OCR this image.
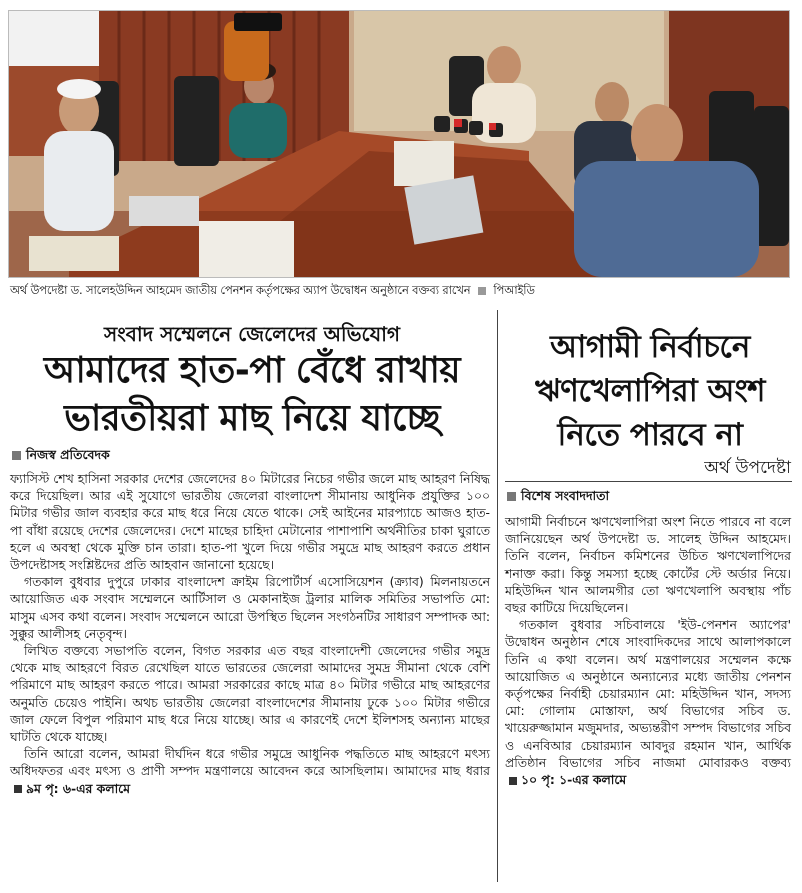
অর্থ উপদেষ্টা ড. সালেহউদ্দিন আহমেদ জাতীয় পেনশন কর্তৃপক্ষের অ্যাপ উদ্বোধন অনুষ্ঠানে বক্তব্য রাখেন পিআইডি
সংবাদ সম্মেলনে জেলেদের অভিযোগ
আমাদের হাত-পা বেঁধে রাখায়
ভারতীয়রা মাছ নিয়ে যাচ্ছে
নিজস্ব প্রতিবেদক

ফ্যাসিস্ট শেখ হাসিনা সরকার দেশের জেলেদের ৪০ মিটারের নিচের গভীর জলে মাছ আহরণ নিষিদ্ধ করে দিয়েছিল। আর এই সুযোগে ভারতীয় জেলেরা বাংলাদেশ সীমানায় আধুনিক প্রযুক্তির ১০০ মিটার গভীর জাল ব্যবহার করে মাছ ধরে নিয়ে যেতে থাকে। সেই আইনের মারপ্যাচে আজও হাত-পা বাঁধা রয়েছে দেশের জেলেদের। দেশে মাছের চাহিদা মেটানোর পাশাপাশি অর্থনীতির চাকা ঘুরাতে হলে এ অবস্থা থেকে মুক্তি চান তারা। হাত-পা খুলে দিয়ে গভীর সমুদ্রে মাছ আহরণ করতে প্রধান উপদেষ্টাসহ সংশ্লিষ্টদের প্রতি আহবান জানানো হয়েছে।

গতকাল বুধবার দুপুরে ঢাকার বাংলাদেশ ক্রাইম রিপোর্টার্স এসোসিয়েশন (ক্র্যাব) মিলনায়তনে আয়োজিত এক সংবাদ সম্মেলনে আর্টিসাল ও মেকানাইজ ট্রলার মালিক সমিতির সভাপতি মো: মাসুম এসব কথা বলেন। সংবাদ সম্মেলনে আরো উপস্থিত ছিলেন সংগঠনটির সাধারণ সম্পাদক আ: সুক্কুর আলীসহ নেতৃবৃন্দ।

লিখিত বক্তব্যে সভাপতি বলেন, বিগত সরকার এত বছর বাংলাদেশী জেলেদের গভীর সমুদ্র থেকে মাছ আহরণে বিরত রেখেছিল যাতে ভারতের জেলেরা আমাদের সুমদ্র সীমানা থেকে বেশি পরিমাণে মাছ আহরণ করতে পারে। আমরা সরকারের কাছে মাত্র ৪০ মিটার গভীরে মাছ আহরণের অনুমতি চেয়েও পাইনি। অথচ ভারতীয় জেলেরা বাংলাদেশের সীমানায় ঢুকে ১০০ মিটার গভীরে জাল ফেলে বিপুল পরিমাণ মাছ ধরে নিয়ে যাচ্ছে। আর এ কারণেই দেশে ইলিশসহ অন্যান্য মাছের ঘাটতি থেকে যাচ্ছে।

তিনি আরো বলেন, আমরা দীর্ঘদিন ধরে গভীর সমুদ্রে আধুনিক পদ্ধতিতে মাছ আহরণে মৎস্য অধিদফতর এবং মৎস্য ও প্রাণী সম্পদ মন্ত্রণালয়ে আবেদন করে আসছিলাম। আমাদের মাছ ধরার৯ম পৃ: ৬-এর কলামে

আগামী নির্বাচনে
ঋণখেলাপিরা অংশ
নিতে পারবে না
অর্থ উপদেষ্টা
বিশেষ সংবাদদাতা

আগামী নির্বাচনে ঋণখেলাপিরা অংশ নিতে পারবে না বলে জানিয়েছেন অর্থ উপদেষ্টা ড. সালেহ উদ্দিন আহমেদ। তিনি বলেন, নির্বাচন কমিশনের উচিত ঋণখেলাপিদের শনাক্ত করা। কিন্তু সমস্যা হচ্ছে কোর্টের স্টে অর্ডার নিয়ে। মহিউদ্দিন খান আলমগীর তো ঋণখেলাপি অবস্থায় পাঁচ বছর কাটিয়ে দিয়েছিলেন।

গতকাল বুধবার সচিবালয়ে 'ইউ-পেনশন অ্যাপের' উদ্বোধন অনুষ্ঠান শেষে সাংবাদিকদের সাথে আলাপকালে তিনি এ কথা বলেন। অর্থ মন্ত্রণালয়ের সম্মেলন কক্ষে আয়োজিত এ অনুষ্ঠানে অন্যান্যের মধ্যে জাতীয় পেনশন কর্তৃপক্ষের নির্বাহী চেয়ারম্যান মো: মহিউদ্দিন খান, সদস্য মো: গোলাম মোস্তাফা, অর্থ বিভাগের সচিব ড. খায়েরুজ্জামান মজুমদার, অভ্যন্তরীণ সম্পদ বিভাগের সচিব ও এনবিআর চেয়ারম্যান আবদুর রহমান খান, আর্থিক প্রতিষ্ঠান বিভাগের সচিব নাজমা মোবারকও বক্তব্য১০ পৃ: ১-এর কলামে
